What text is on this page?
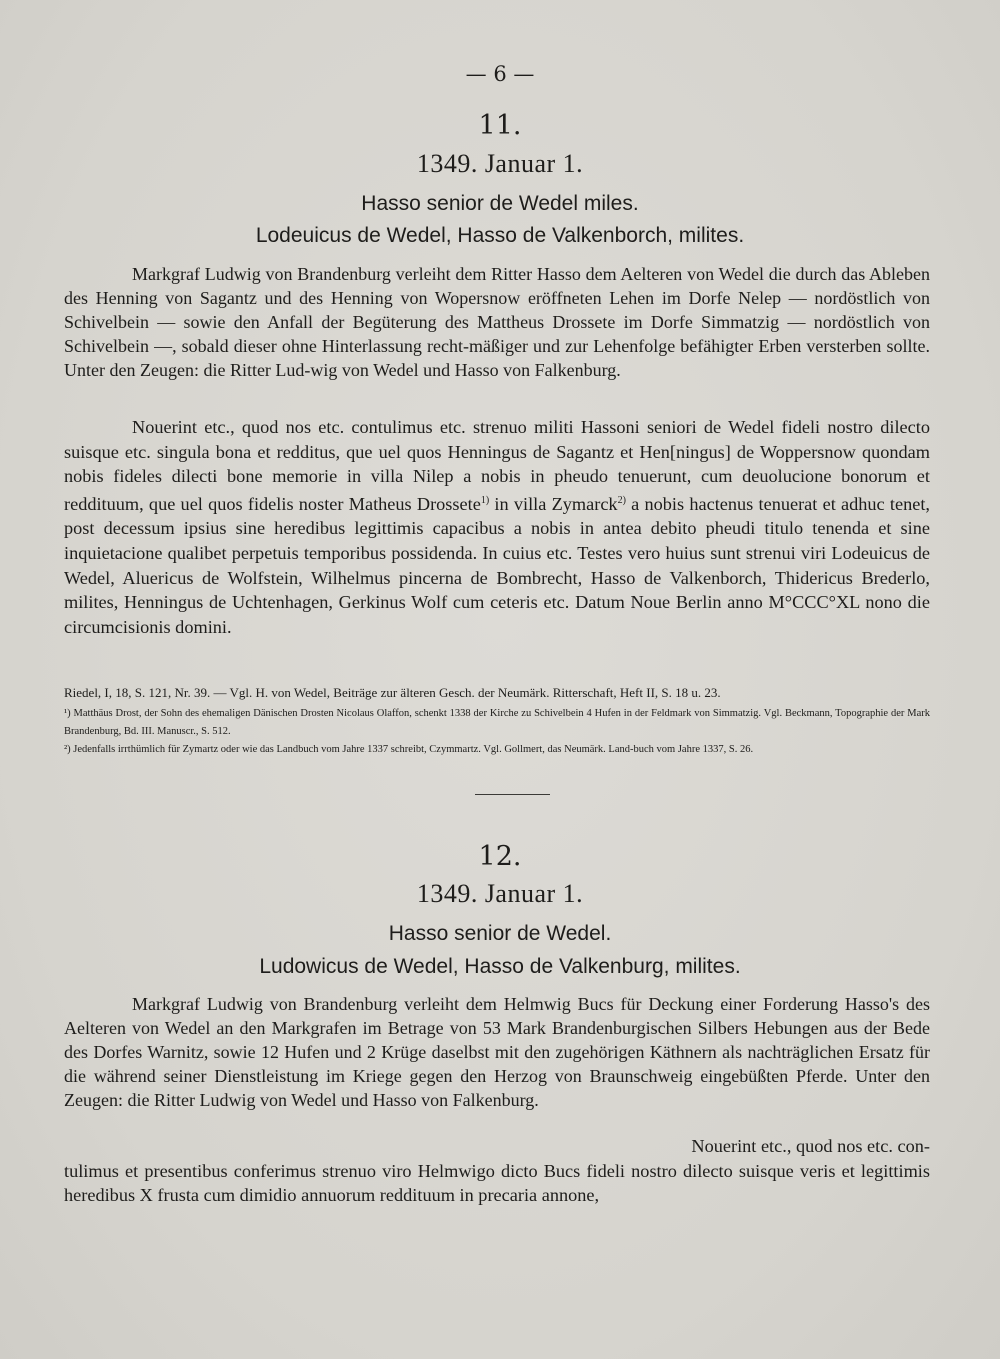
— 6 —
11.
1349. Januar 1.
Hasso senior de Wedel miles.
Lodeuicus de Wedel, Hasso de Valkenborch, milites.

Markgraf Ludwig von Brandenburg verleiht dem Ritter Hasso dem Aelteren von Wedel die durch das Ableben des Henning von Sagantz und des Henning von Wopersnow eröffneten Lehen im Dorfe Nelep — nordöstlich von Schivelbein — sowie den Anfall der Begüterung des Mattheus Drossete im Dorfe Simmatzig — nordöstlich von Schivelbein —, sobald dieser ohne Hinterlassung recht-mäßiger und zur Lehenfolge befähigter Erben versterben sollte. Unter den Zeugen: die Ritter Lud-wig von Wedel und Hasso von Falkenburg.

Nouerint etc., quod nos etc. contulimus etc. strenuo militi Hassoni seniori de Wedel fideli nostro dilecto suisque etc. singula bona et redditus, que uel quos Henningus de Sagantz et Hen[ningus] de Woppersnow quondam nobis fideles dilecti bone memorie in villa Nilep a nobis in pheudo tenuerunt, cum deuolucione bonorum et reddituum, que uel quos fidelis noster Matheus Drossete$^{1)}$ in villa Zymarck$^{2)}$ a nobis hactenus tenuerat et adhuc tenet, post decessum ipsius sine heredibus legittimis capacibus a nobis in antea debito pheudi titulo tenenda et sine inquietacione qualibet perpetuis temporibus possidenda. In cuius etc. Testes vero huius sunt strenui viri Lodeuicus de Wedel, Aluericus de Wolfstein, Wilhelmus pincerna de Bombrecht, Hasso de Valkenborch, Thidericus Brederlo, milites, Henningus de Uchtenhagen, Gerkinus Wolf cum ceteris etc. Datum Noue Berlin anno M°CCC°XL nono die circumcisionis domini.

Riedel, I, 18, S. 121, Nr. 39. — Vgl. H. von Wedel, Beiträge zur älteren Gesch. der Neumärk. Ritterschaft, Heft II, S. 18 u. 23.

¹) Matthäus Drost, der Sohn des ehemaligen Dänischen Drosten Nicolaus Olaffon, schenkt 1338 der Kirche zu Schivelbein 4 Hufen in der Feldmark von Simmatzig. Vgl. Beckmann, Topographie der Mark Brandenburg, Bd. III. Manuscr., S. 512.

²) Jedenfalls irrthümlich für Zymartz oder wie das Landbuch vom Jahre 1337 schreibt, Czymmartz. Vgl. Gollmert, das Neumärk. Land-buch vom Jahre 1337, S. 26.

12.
1349. Januar 1.
Hasso senior de Wedel.
Ludowicus de Wedel, Hasso de Valkenburg, milites.

Markgraf Ludwig von Brandenburg verleiht dem Helmwig Bucs für Deckung einer Forderung Hasso's des Aelteren von Wedel an den Markgrafen im Betrage von 53 Mark Brandenburgischen Silbers Hebungen aus der Bede des Dorfes Warnitz, sowie 12 Hufen und 2 Krüge daselbst mit den zugehörigen Käthnern als nachträglichen Ersatz für die während seiner Dienstleistung im Kriege gegen den Herzog von Braunschweig eingebüßten Pferde. Unter den Zeugen: die Ritter Ludwig von Wedel und Hasso von Falkenburg.

Nouerint etc., quod nos etc. con-

tulimus et presentibus conferimus strenuo viro Helmwigo dicto Bucs fideli nostro dilecto suisque veris et legittimis heredibus X frusta cum dimidio annuorum reddituum in precaria annone,
